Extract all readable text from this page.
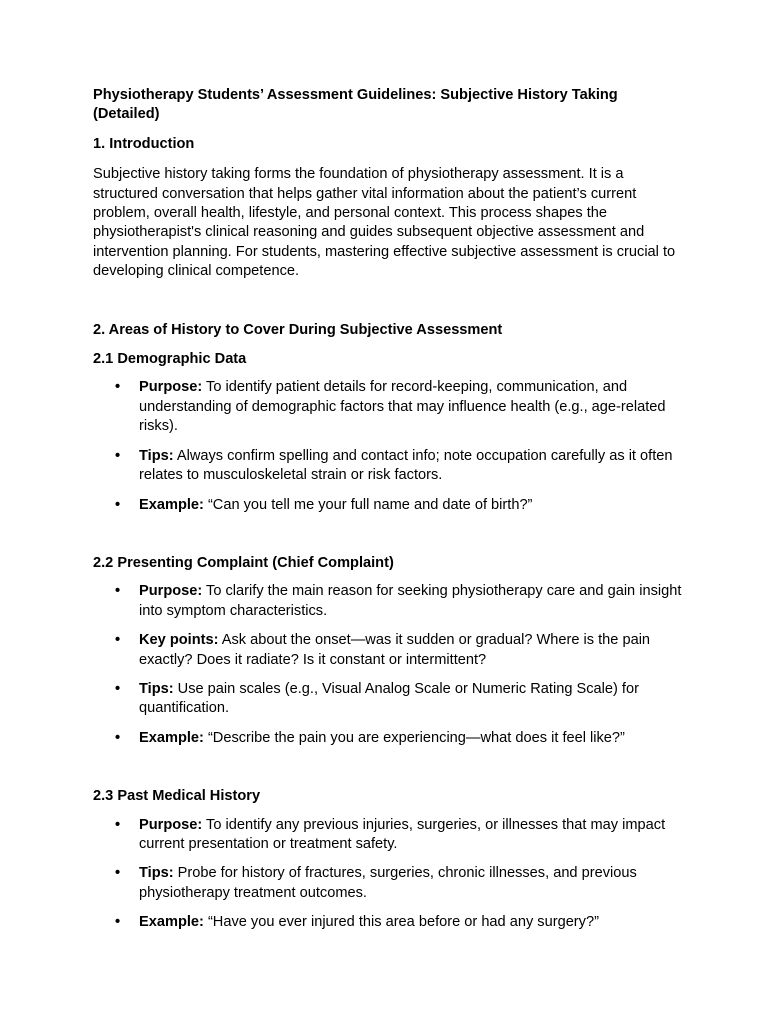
Physiotherapy Students’ Assessment Guidelines: Subjective History Taking (Detailed)

1. Introduction

Subjective history taking forms the foundation of physiotherapy assessment. It is a structured conversation that helps gather vital information about the patient’s current problem, overall health, lifestyle, and personal context. This process shapes the physiotherapist's clinical reasoning and guides subsequent objective assessment and intervention planning. For students, mastering effective subjective assessment is crucial to developing clinical competence.

2. Areas of History to Cover During Subjective Assessment

2.1 Demographic Data

• Purpose: To identify patient details for record-keeping, communication, and understanding of demographic factors that may influence health (e.g., age-related risks).
• Tips: Always confirm spelling and contact info; note occupation carefully as it often relates to musculoskeletal strain or risk factors.
• Example: “Can you tell me your full name and date of birth?”

2.2 Presenting Complaint (Chief Complaint)

• Purpose: To clarify the main reason for seeking physiotherapy care and gain insight into symptom characteristics.
• Key points: Ask about the onset—was it sudden or gradual? Where is the pain exactly? Does it radiate? Is it constant or intermittent?
• Tips: Use pain scales (e.g., Visual Analog Scale or Numeric Rating Scale) for quantification.
• Example: “Describe the pain you are experiencing—what does it feel like?”

2.3 Past Medical History

• Purpose: To identify any previous injuries, surgeries, or illnesses that may impact current presentation or treatment safety.
• Tips: Probe for history of fractures, surgeries, chronic illnesses, and previous physiotherapy treatment outcomes.
• Example: “Have you ever injured this area before or had any surgery?”
